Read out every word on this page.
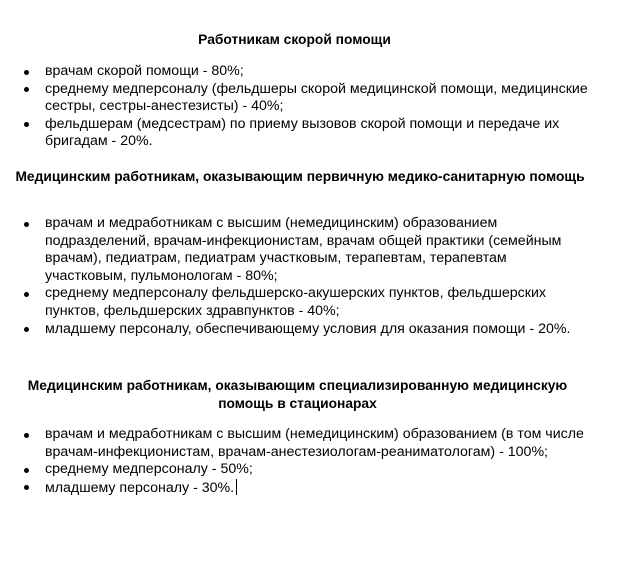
Работникам скорой помощи
врачам скорой помощи - 80%;
среднему медперсоналу (фельдшеры скорой медицинской помощи, медицинские сестры, сестры-анестезисты) - 40%;
фельдшерам (медсестрам) по приему вызовов скорой помощи и передаче их бригадам - 20%.
Медицинским работникам, оказывающим первичную медико-санитарную помощь
врачам и медработникам с высшим (немедицинским) образованием подразделений, врачам-инфекционистам, врачам общей практики (семейным врачам), педиатрам, педиатрам участковым, терапевтам, терапевтам участковым, пульмонологам - 80%;
среднему медперсоналу фельдшерско-акушерских пунктов, фельдшерских пунктов, фельдшерских здравпунктов - 40%;
младшему персоналу, обеспечивающему условия для оказания помощи - 20%.
Медицинским работникам, оказывающим специализированную медицинскую помощь в стационарах
врачам и медработникам с высшим (немедицинским) образованием (в том числе врачам-инфекционистам, врачам-анестезиологам-реаниматологам) - 100%;
среднему медперсоналу - 50%;
младшему персоналу - 30%.
